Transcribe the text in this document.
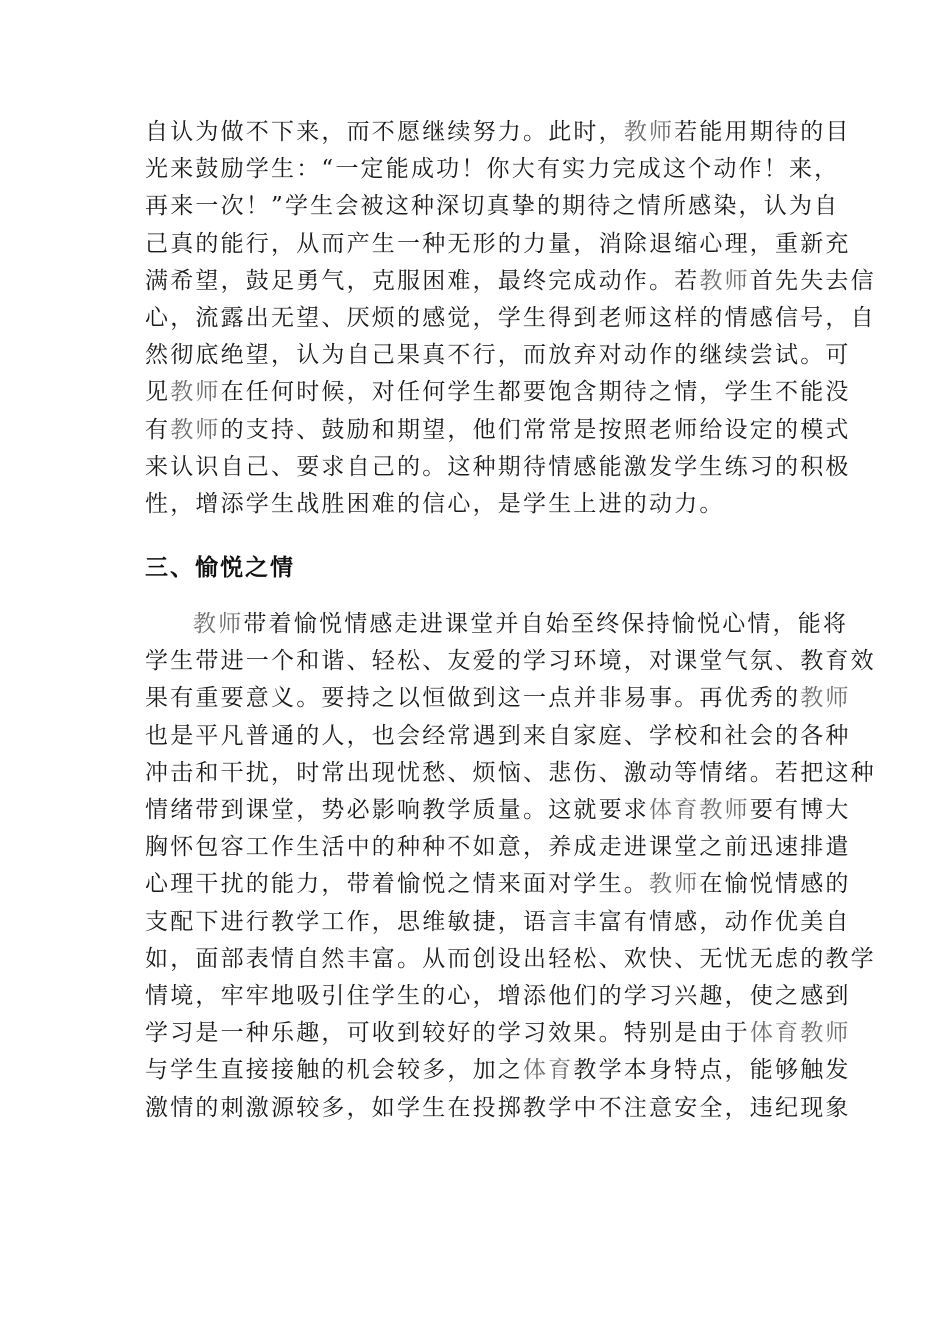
自认为做不下来，而不愿继续努力。此时，教师若能用期待的目
光来鼓励学生：“一定能成功！你大有实力完成这个动作！来，
再来一次！”学生会被这种深切真挚的期待之情所感染，认为自
己真的能行，从而产生一种无形的力量，消除退缩心理，重新充
满希望，鼓足勇气，克服困难，最终完成动作。若教师首先失去信
心，流露出无望、厌烦的感觉，学生得到老师这样的情感信号，自
然彻底绝望，认为自己果真不行，而放弃对动作的继续尝试。可
见教师在任何时候，对任何学生都要饱含期待之情，学生不能没
有教师的支持、鼓励和期望，他们常常是按照老师给设定的模式
来认识自己、要求自己的。这种期待情感能激发学生练习的积极
性，增添学生战胜困难的信心，是学生上进的动力。
三、愉悦之情
教师带着愉悦情感走进课堂并自始至终保持愉悦心情，能将
学生带进一个和谐、轻松、友爱的学习环境，对课堂气氛、教育效
果有重要意义。要持之以恒做到这一点并非易事。再优秀的教师
也是平凡普通的人，也会经常遇到来自家庭、学校和社会的各种
冲击和干扰，时常出现忧愁、烦恼、悲伤、激动等情绪。若把这种
情绪带到课堂，势必影响教学质量。这就要求体育教师要有博大
胸怀包容工作生活中的种种不如意，养成走进课堂之前迅速排遣
心理干扰的能力，带着愉悦之情来面对学生。教师在愉悦情感的
支配下进行教学工作，思维敏捷，语言丰富有情感，动作优美自
如，面部表情自然丰富。从而创设出轻松、欢快、无忧无虑的教学
情境，牢牢地吸引住学生的心，增添他们的学习兴趣，使之感到
学习是一种乐趣，可收到较好的学习效果。特别是由于体育教师
与学生直接接触的机会较多，加之体育教学本身特点，能够触发
激情的刺激源较多，如学生在投掷教学中不注意安全，违纪现象
